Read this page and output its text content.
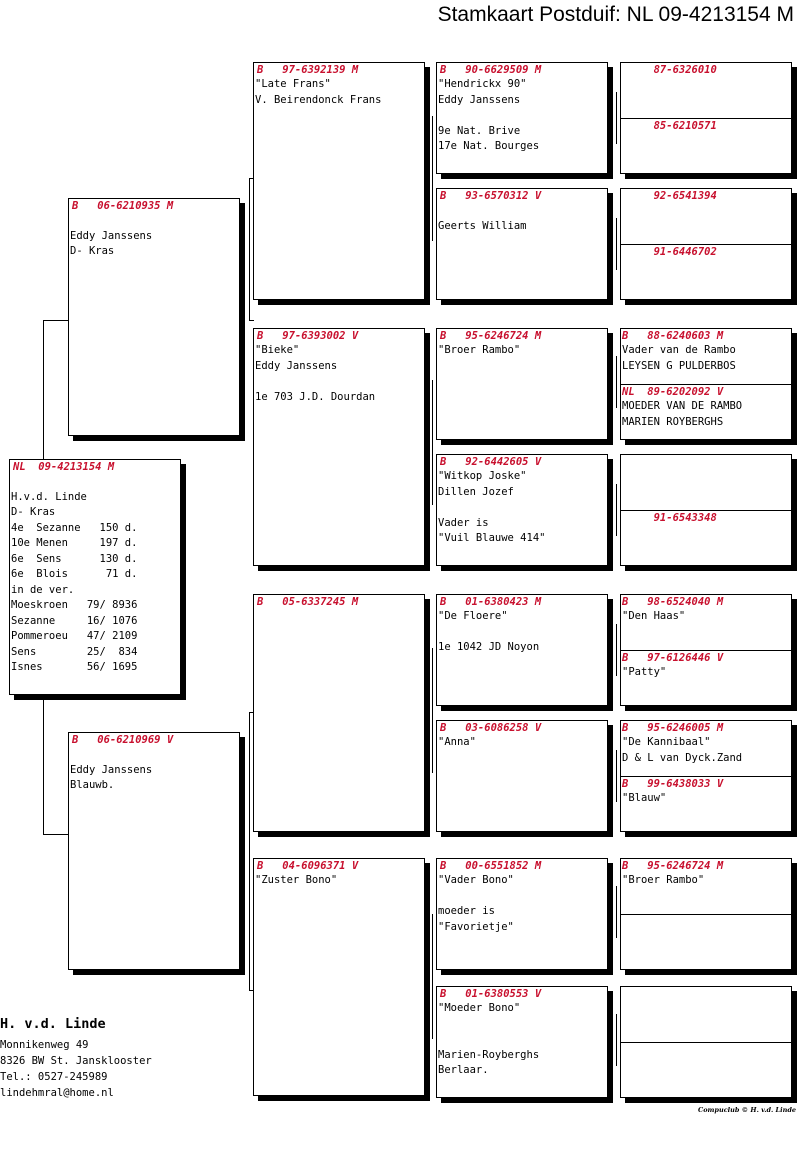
Stamkaart Postduif: NL 09-4213154 M
NL  09-4213154 M
H.v.d. Linde
D- Kras
4e  Sezanne   150 d.
10e Menen     197 d.
6e  Sens      130 d.
6e  Blois      71 d.
in de ver.
Moeskroen   79/ 8936
Sezanne     16/ 1076
Pommeroeu   47/ 2109
Sens        25/  834
Isnes       56/ 1695
B   06-6210935 M
Eddy Janssens
D- Kras
B   06-6210969 V
Eddy Janssens
Blauwb.
B   97-6392139 M
"Late Frans"
V. Beirendonck Frans
B   97-6393002 V
"Bieke"
Eddy Janssens
1e 703 J.D. Dourdan
B   05-6337245 M
B   04-6096371 V
"Zuster Bono"
B   90-6629509 M
"Hendrickx 90"
Eddy Janssens
9e Nat. Brive
17e Nat. Bourges
B   93-6570312 V
Geerts William
B   95-6246724 M
"Broer Rambo"
B   92-6442605 V
"Witkop Joske"
Dillen Jozef
Vader is
"Vuil Blauwe 414"
B   01-6380423 M
"De Floere"
1e 1042 JD Noyon
B   03-6086258 V
"Anna"
B   00-6551852 M
"Vader Bono"
moeder is
"Favorietje"
B   01-6380553 V
"Moeder Bono"
Marien-Royberghs
Berlaar.
87-6326010
85-6210571
92-6541394
91-6446702
B   88-6240603 M
Vader van de Rambo
LEYSEN G PULDERBOS
NL  89-6202092 V
MOEDER VAN DE RAMBO
MARIEN ROYBERGHS
91-6543348
B   98-6524040 M
"Den Haas"
B   97-6126446 V
"Patty"
B   95-6246005 M
"De Kannibaal"
D & L van Dyck.Zand
B   99-6438033 V
"Blauw"
B   95-6246724 M
"Broer Rambo"
H. v.d. Linde
Monnikenweg 49
8326 BW St. Jansklooster
Tel.: 0527-245989
lindehmral@home.nl
Compuclub © H. v.d. Linde
